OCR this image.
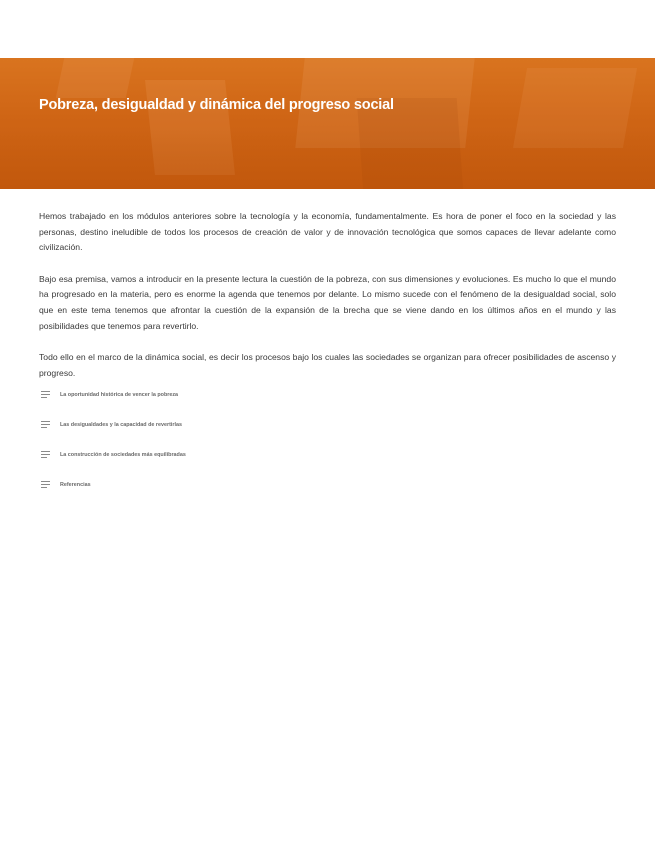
Pobreza, desigualdad y dinámica del progreso social

Hemos trabajado en los módulos anteriores sobre la tecnología y la economía, fundamentalmente. Es hora de poner el foco en la sociedad y las personas, destino ineludible de todos los procesos de creación de valor y de innovación tecnológica que somos capaces de llevar adelante como civilización.

Bajo esa premisa, vamos a introducir en la presente lectura la cuestión de la pobreza, con sus dimensiones y evoluciones. Es mucho lo que el mundo ha progresado en la materia, pero es enorme la agenda que tenemos por delante. Lo mismo sucede con el fenómeno de la desigualdad social, solo que en este tema tenemos que afrontar la cuestión de la expansión de la brecha que se viene dando en los últimos años en el mundo y las posibilidades que tenemos para revertirlo.

Todo ello en el marco de la dinámica social, es decir los procesos bajo los cuales las sociedades se organizan para ofrecer posibilidades de ascenso y progreso.

La oportunidad histórica de vencer la pobreza
Las desigualdades y la capacidad de revertirlas
La construcción de sociedades más equilibradas
Referencias
